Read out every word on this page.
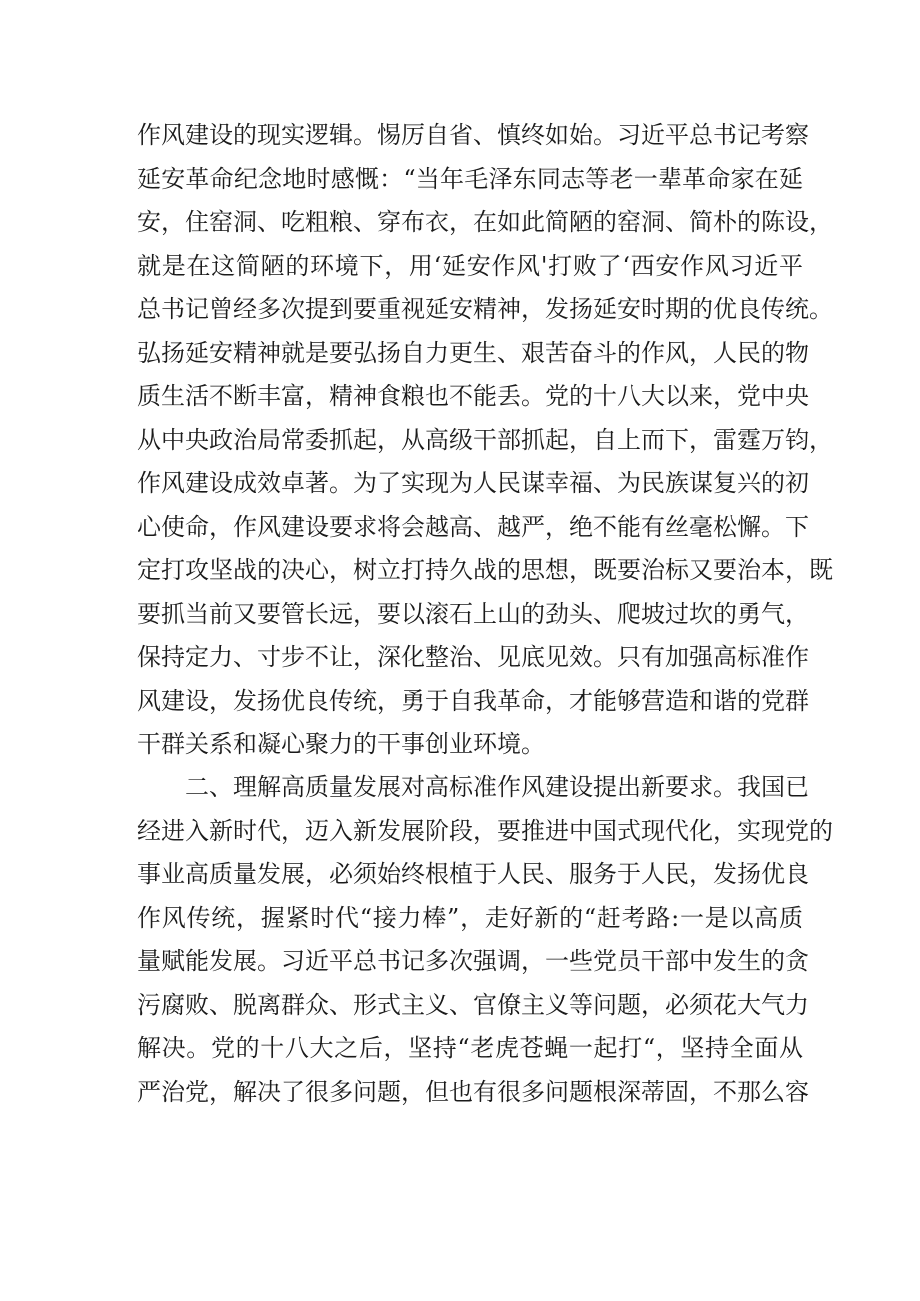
作风建设的现实逻辑。惕厉自省、慎终如始。习近平总书记考察
延安革命纪念地时感慨：“当年毛泽东同志等老一辈革命家在延
安，住窑洞、吃粗粮、穿布衣，在如此简陋的窑洞、简朴的陈设，
就是在这简陋的环境下，用‘延安作风'打败了‘西安作风习近平
总书记曾经多次提到要重视延安精神，发扬延安时期的优良传统。
弘扬延安精神就是要弘扬自力更生、艰苦奋斗的作风，人民的物
质生活不断丰富，精神食粮也不能丢。党的十八大以来，党中央
从中央政治局常委抓起，从高级干部抓起，自上而下，雷霆万钧，
作风建设成效卓著。为了实现为人民谋幸福、为民族谋复兴的初
心使命，作风建设要求将会越高、越严，绝不能有丝毫松懈。下
定打攻坚战的决心，树立打持久战的思想，既要治标又要治本，既
要抓当前又要管长远，要以滚石上山的劲头、爬坡过坎的勇气，
保持定力、寸步不让，深化整治、见底见效。只有加强高标准作
风建设，发扬优良传统，勇于自我革命，才能够营造和谐的党群
干群关系和凝心聚力的干事创业环境。
二、理解高质量发展对高标准作风建设提出新要求。我国已
经进入新时代，迈入新发展阶段，要推进中国式现代化，实现党的
事业高质量发展，必须始终根植于人民、服务于人民，发扬优良
作风传统，握紧时代“接力棒”，走好新的“赶考路:一是以高质
量赋能发展。习近平总书记多次强调，一些党员干部中发生的贪
污腐败、脱离群众、形式主义、官僚主义等问题，必须花大气力
解决。党的十八大之后，坚持“老虎苍蝇一起打“，坚持全面从
严治党，解决了很多问题，但也有很多问题根深蒂固，不那么容
